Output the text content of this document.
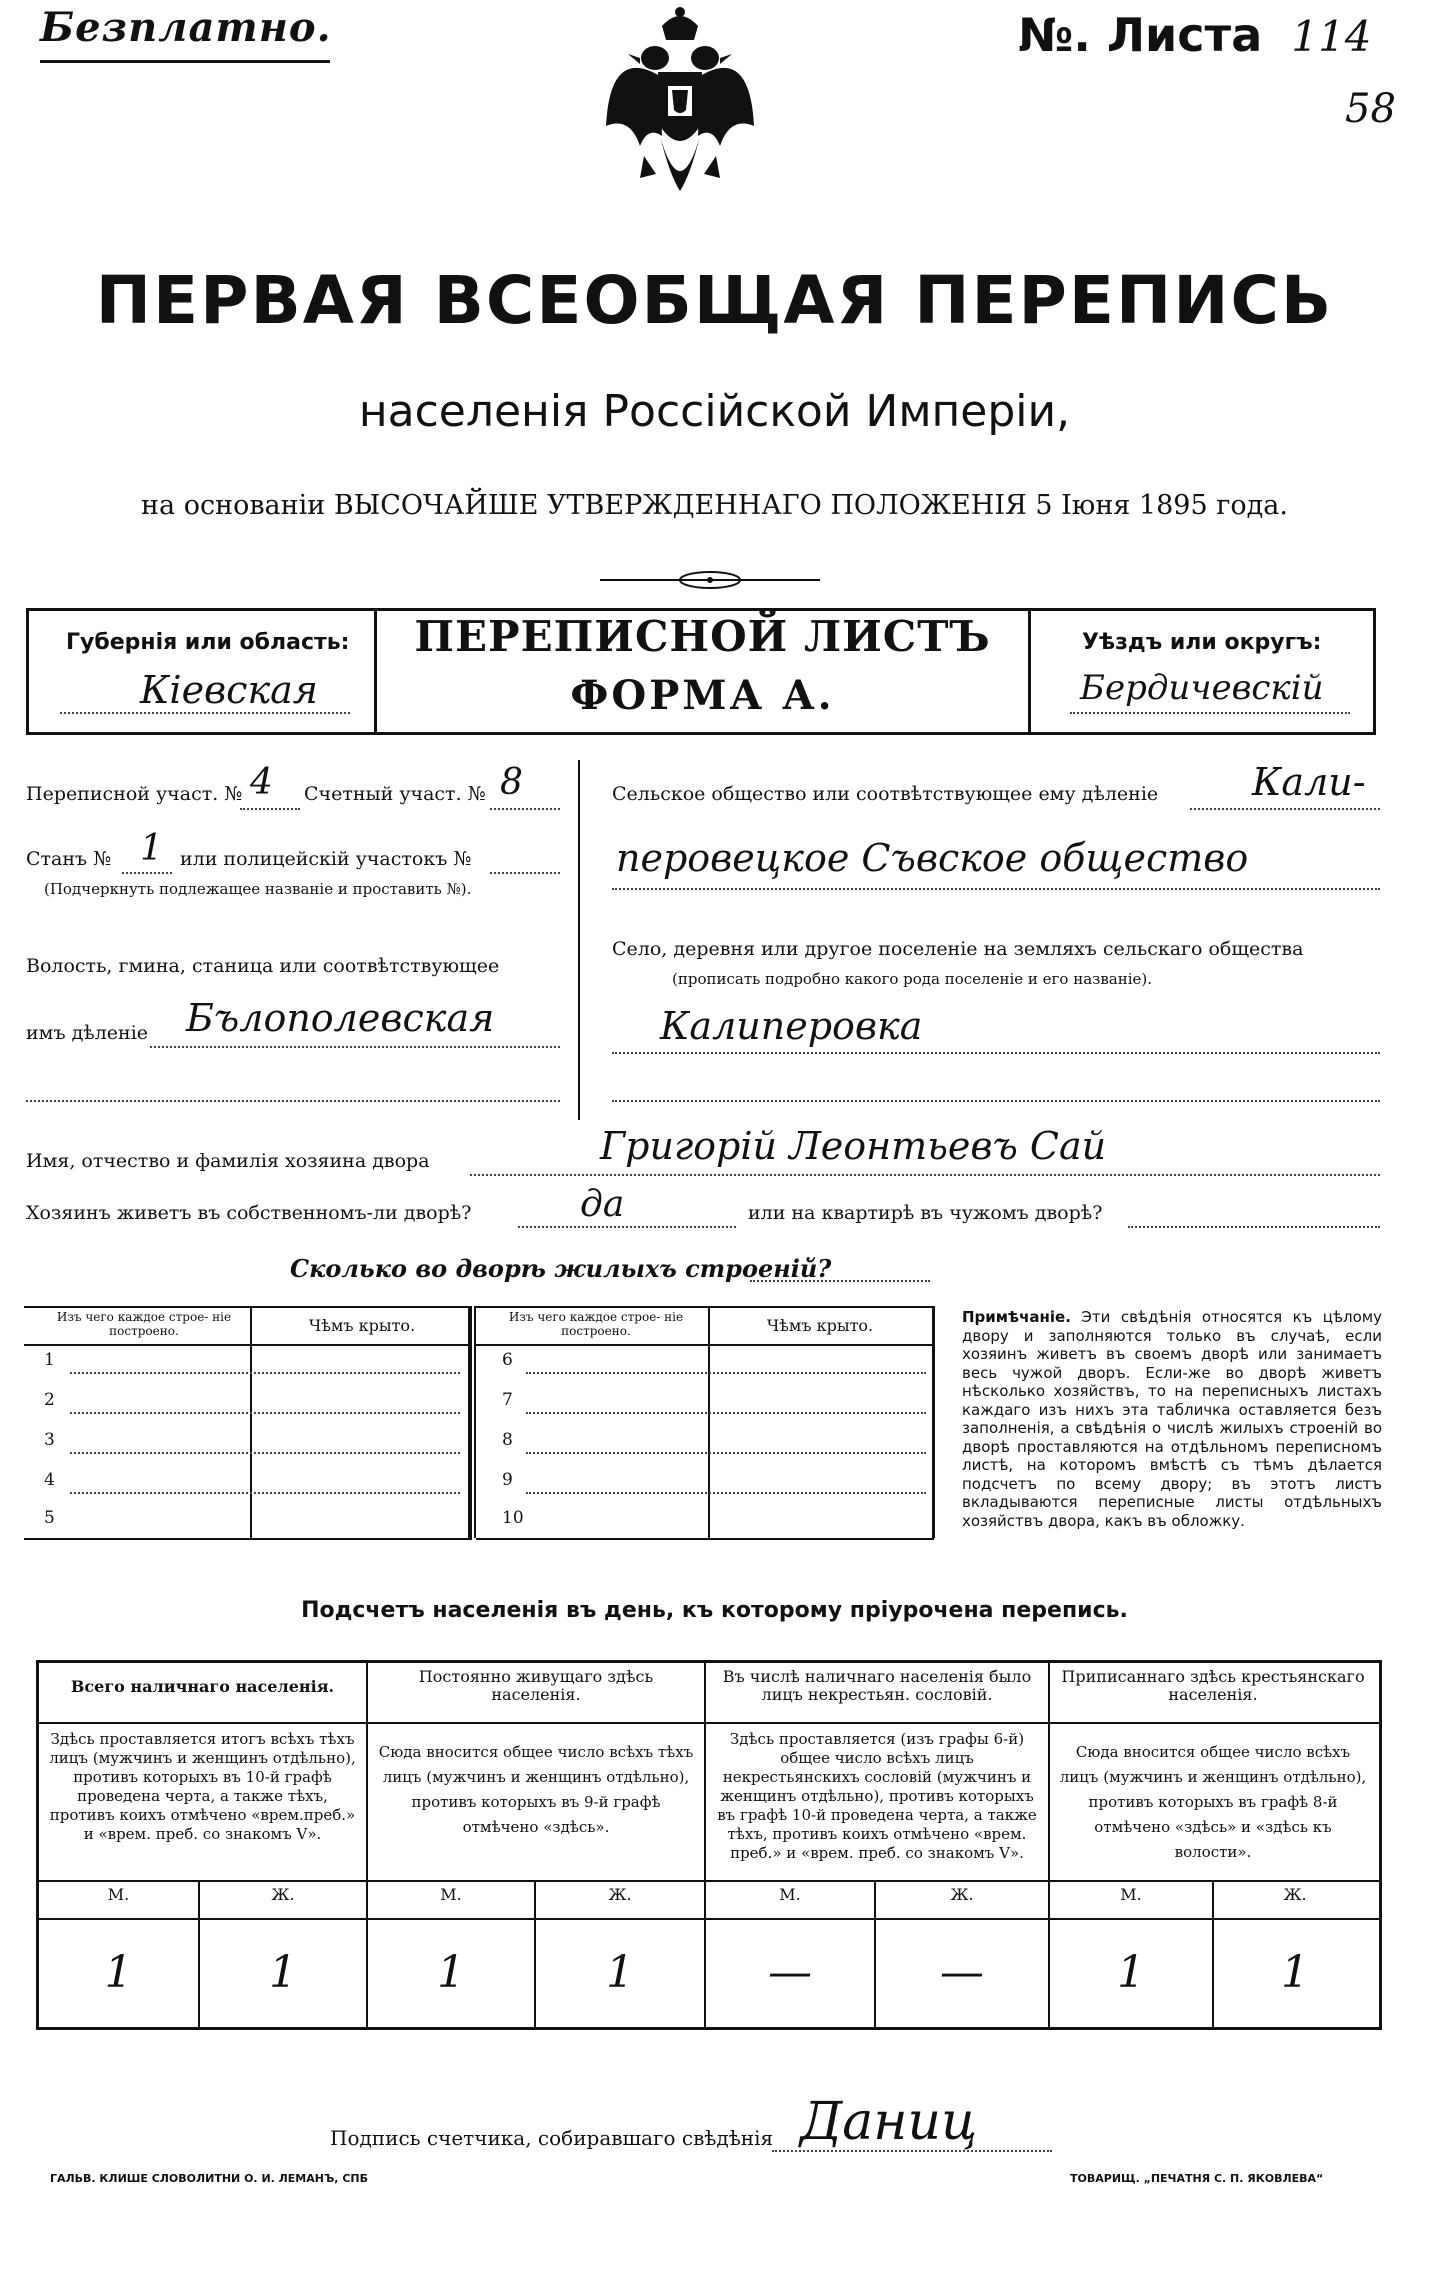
Безплатно.	№. Листа 114
58
ПЕРВАЯ ВСЕОБЩАЯ ПЕРЕПИСЬ
населенія Россійской Имперіи,
на основаніи ВЫСОЧАЙШЕ УТВЕРЖДЕННАГО ПОЛОЖЕНІЯ 5 Іюня 1895 года.
Губернія или область:
Кіевская
ПЕРЕПИСНОЙ ЛИСТЪ
ФОРМА А.
Уѣздъ или округъ:
Бердичевскій
Переписной участ. № 4 Счетный участ. № 8
Станъ № 1 или полицейскій участокъ №
(Подчеркнуть подлежащее названіе и проставить №).
Волость, гмина, станица или соотвѣтствующее
имъ дѣленіе Бълополевская
Сельское общество или соотвѣтствующее ему дѣленіе Кали-
перовецкое Съвское общество
Село, деревня или другое поселеніе на земляхъ сельскаго общества
(прописать подробно какого рода поселеніе и его названіе).
Калиперовка
Имя, отчество и фамилія хозяина двора	Григорій Леонтьевъ Сай
Хозяинъ живетъ въ собственномъ-ли дворѣ?	да	или на квартирѣ въ чужомъ дворѣ?
Сколько во дворѣ жилыхъ строеній?
Изъ чего каждое строе- ніе построено.	Чѣмъ крыто.	Изъ чего каждое строе- ніе построено.	Чѣмъ крыто.
1
2
3
4
5
6
7
8
9
10
Примѣчаніе. Эти свѣдѣнія относятся къ цѣлому двору и заполняются только въ случаѣ, если хозяинъ живетъ въ своемъ дворѣ или занимаетъ весь чужой дворъ. Если-же во дворѣ живетъ нѣсколько хозяйствъ, то на переписныхъ листахъ каждаго изъ нихъ эта табличка оставляется безъ заполненія, а свѣдѣнія о числѣ жилыхъ строеній во дворѣ проставляются на отдѣльномъ переписномъ листѣ, на которомъ вмѣстѣ съ тѣмъ дѣлается подсчетъ по всему двору; въ этотъ листъ вкладываются переписные листы отдѣльныхъ хозяйствъ двора, какъ въ обложку.
Подсчетъ населенія въ день, къ которому пріурочена перепись.
Всего наличнаго населенія.
Постоянно живущаго здѣсь населенія.
Въ числѣ наличнаго населенія было лицъ некрестьян. сословій.
Приписаннаго здѣсь крестьянскаго населенія.
Здѣсь проставляется итогъ всѣхъ тѣхъ лицъ (мужчинъ и женщинъ отдѣльно), противъ которыхъ въ 10-й графѣ проведена черта, а также тѣхъ, противъ коихъ отмѣчено «врем.преб.» и «врем. преб. со знакомъ V».
Сюда вносится общее число всѣхъ тѣхъ лицъ (мужчинъ и женщинъ отдѣльно), противъ которыхъ въ 9-й графѣ отмѣчено «здѣсь».
Здѣсь проставляется (изъ графы 6-й) общее число всѣхъ лицъ некрестьянскихъ сословій (мужчинъ и женщинъ отдѣльно), противъ которыхъ въ графѣ 10-й проведена черта, а также тѣхъ, противъ коихъ отмѣчено «врем. преб.» и «врем. преб. со знакомъ V».
Сюда вносится общее число всѣхъ лицъ (мужчинъ и женщинъ отдѣльно), противъ которыхъ въ графѣ 8-й отмѣчено «здѣсь» и «здѣсь къ волости».
М.	Ж.	М.	Ж.	М.	Ж.	М.	Ж.
1	1	1	1	—	—	1	1
Подпись счетчика, собиравшаго свѣдѣнія Даниц
ГАЛЬВ. КЛИШЕ СЛОВОЛИТНИ О. И. ЛЕМАНЪ, СПБ	ТОВАРИЩ. „ПЕЧАТНЯ С. П. ЯКОВЛЕВА“
